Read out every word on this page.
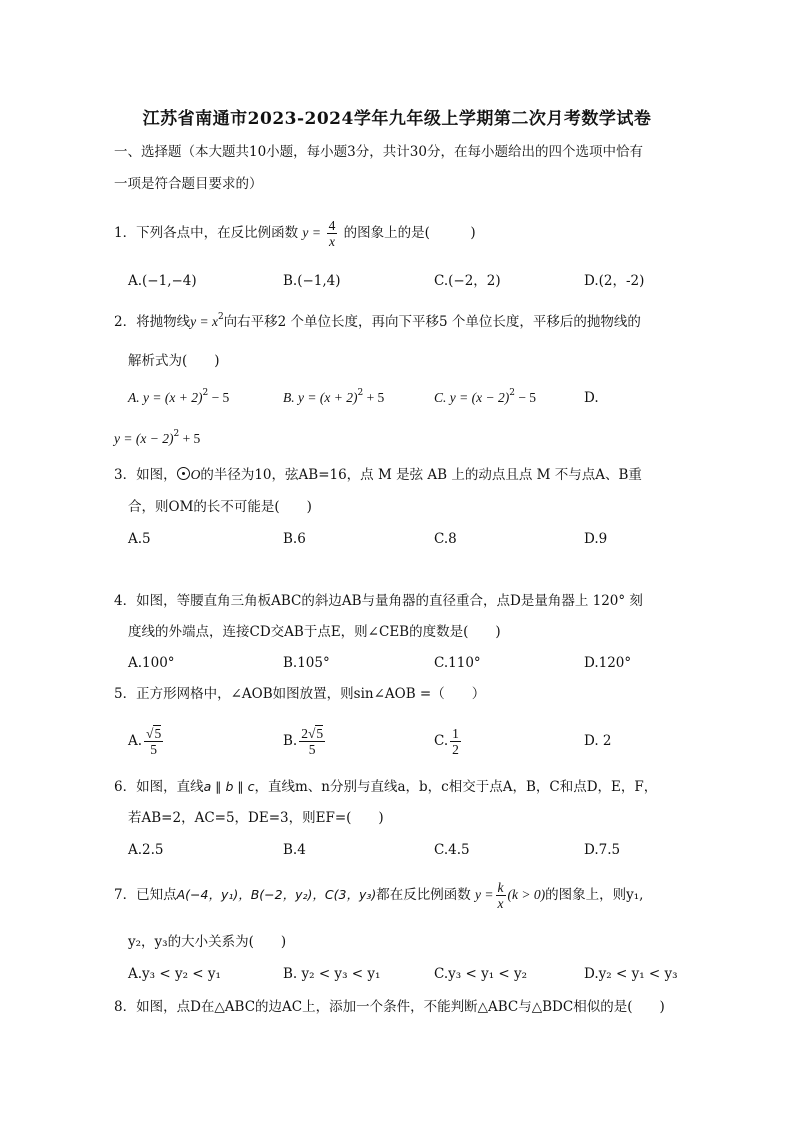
江苏省南通市2023-2024学年九年级上学期第二次月考数学试卷
一、选择题（本大题共10小题，每小题3分，共计30分，在每小题给出的四个选项中恰有
一项是符合题目要求的）
1．下列各点中，在反比例函数 $y = \frac{4}{x}$ 的图象上的是(　　　)
A.(−1,−4)	B.(−1,4)	C.(−2，2)	D.(2，-2)
2．将抛物线$y = x^2$向右平移2 个单位长度，再向下平移5 个单位长度，平移后的抛物线的
解析式为(　　)
A. $y = (x + 2)^2 - 5$	B. $y = (x + 2)^2 + 5$	C. $y = (x - 2)^2 - 5$	D.
$y = (x - 2)^2 + 5$
3．如图， O的半径为10，弦AB=16，点 M 是弦 AB 上的动点且点 M 不与点A、B重
合，则OM的长不可能是(　　)
A.5	B.6	C.8	D.9
4．如图，等腰直角三角板ABC的斜边AB与量角器的直径重合，点D是量角器上 120° 刻
度线的外端点，连接CD交AB于点E，则∠CEB的度数是(　　)
A.100°	B.105°	C.110°	D.120°
5．正方形网格中，∠AOB如图放置，则sin∠AOB =（　　）
A. $\frac{√5}{5}$	B. $\frac{2√5}{5}$	C. $\frac{1}{2}$	D. 2
6．如图，直线a ∥ b ∥ c，直线m、n分别与直线a，b，c相交于点A，B，C和点D，E，F，
若AB=2，AC=5，DE=3，则EF=(　　)
A.2.5	B.4	C.4.5	D.7.5
7．已知点A(−4，y₁)，B(−2，y₂)，C(3，y₃)都在反比例函数 $y = \frac{k}{x} (k > 0)$的图象上，则y₁,
y₂，y₃的大小关系为(　　)
A.y₃ < y₂ < y₁	B. y₂ < y₃ < y₁	C.y₃ < y₁ < y₂	D.y₂ < y₁ < y₃
8．如图，点D在△ABC的边AC上，添加一个条件，不能判断△ABC与△BDC相似的是(　　)
